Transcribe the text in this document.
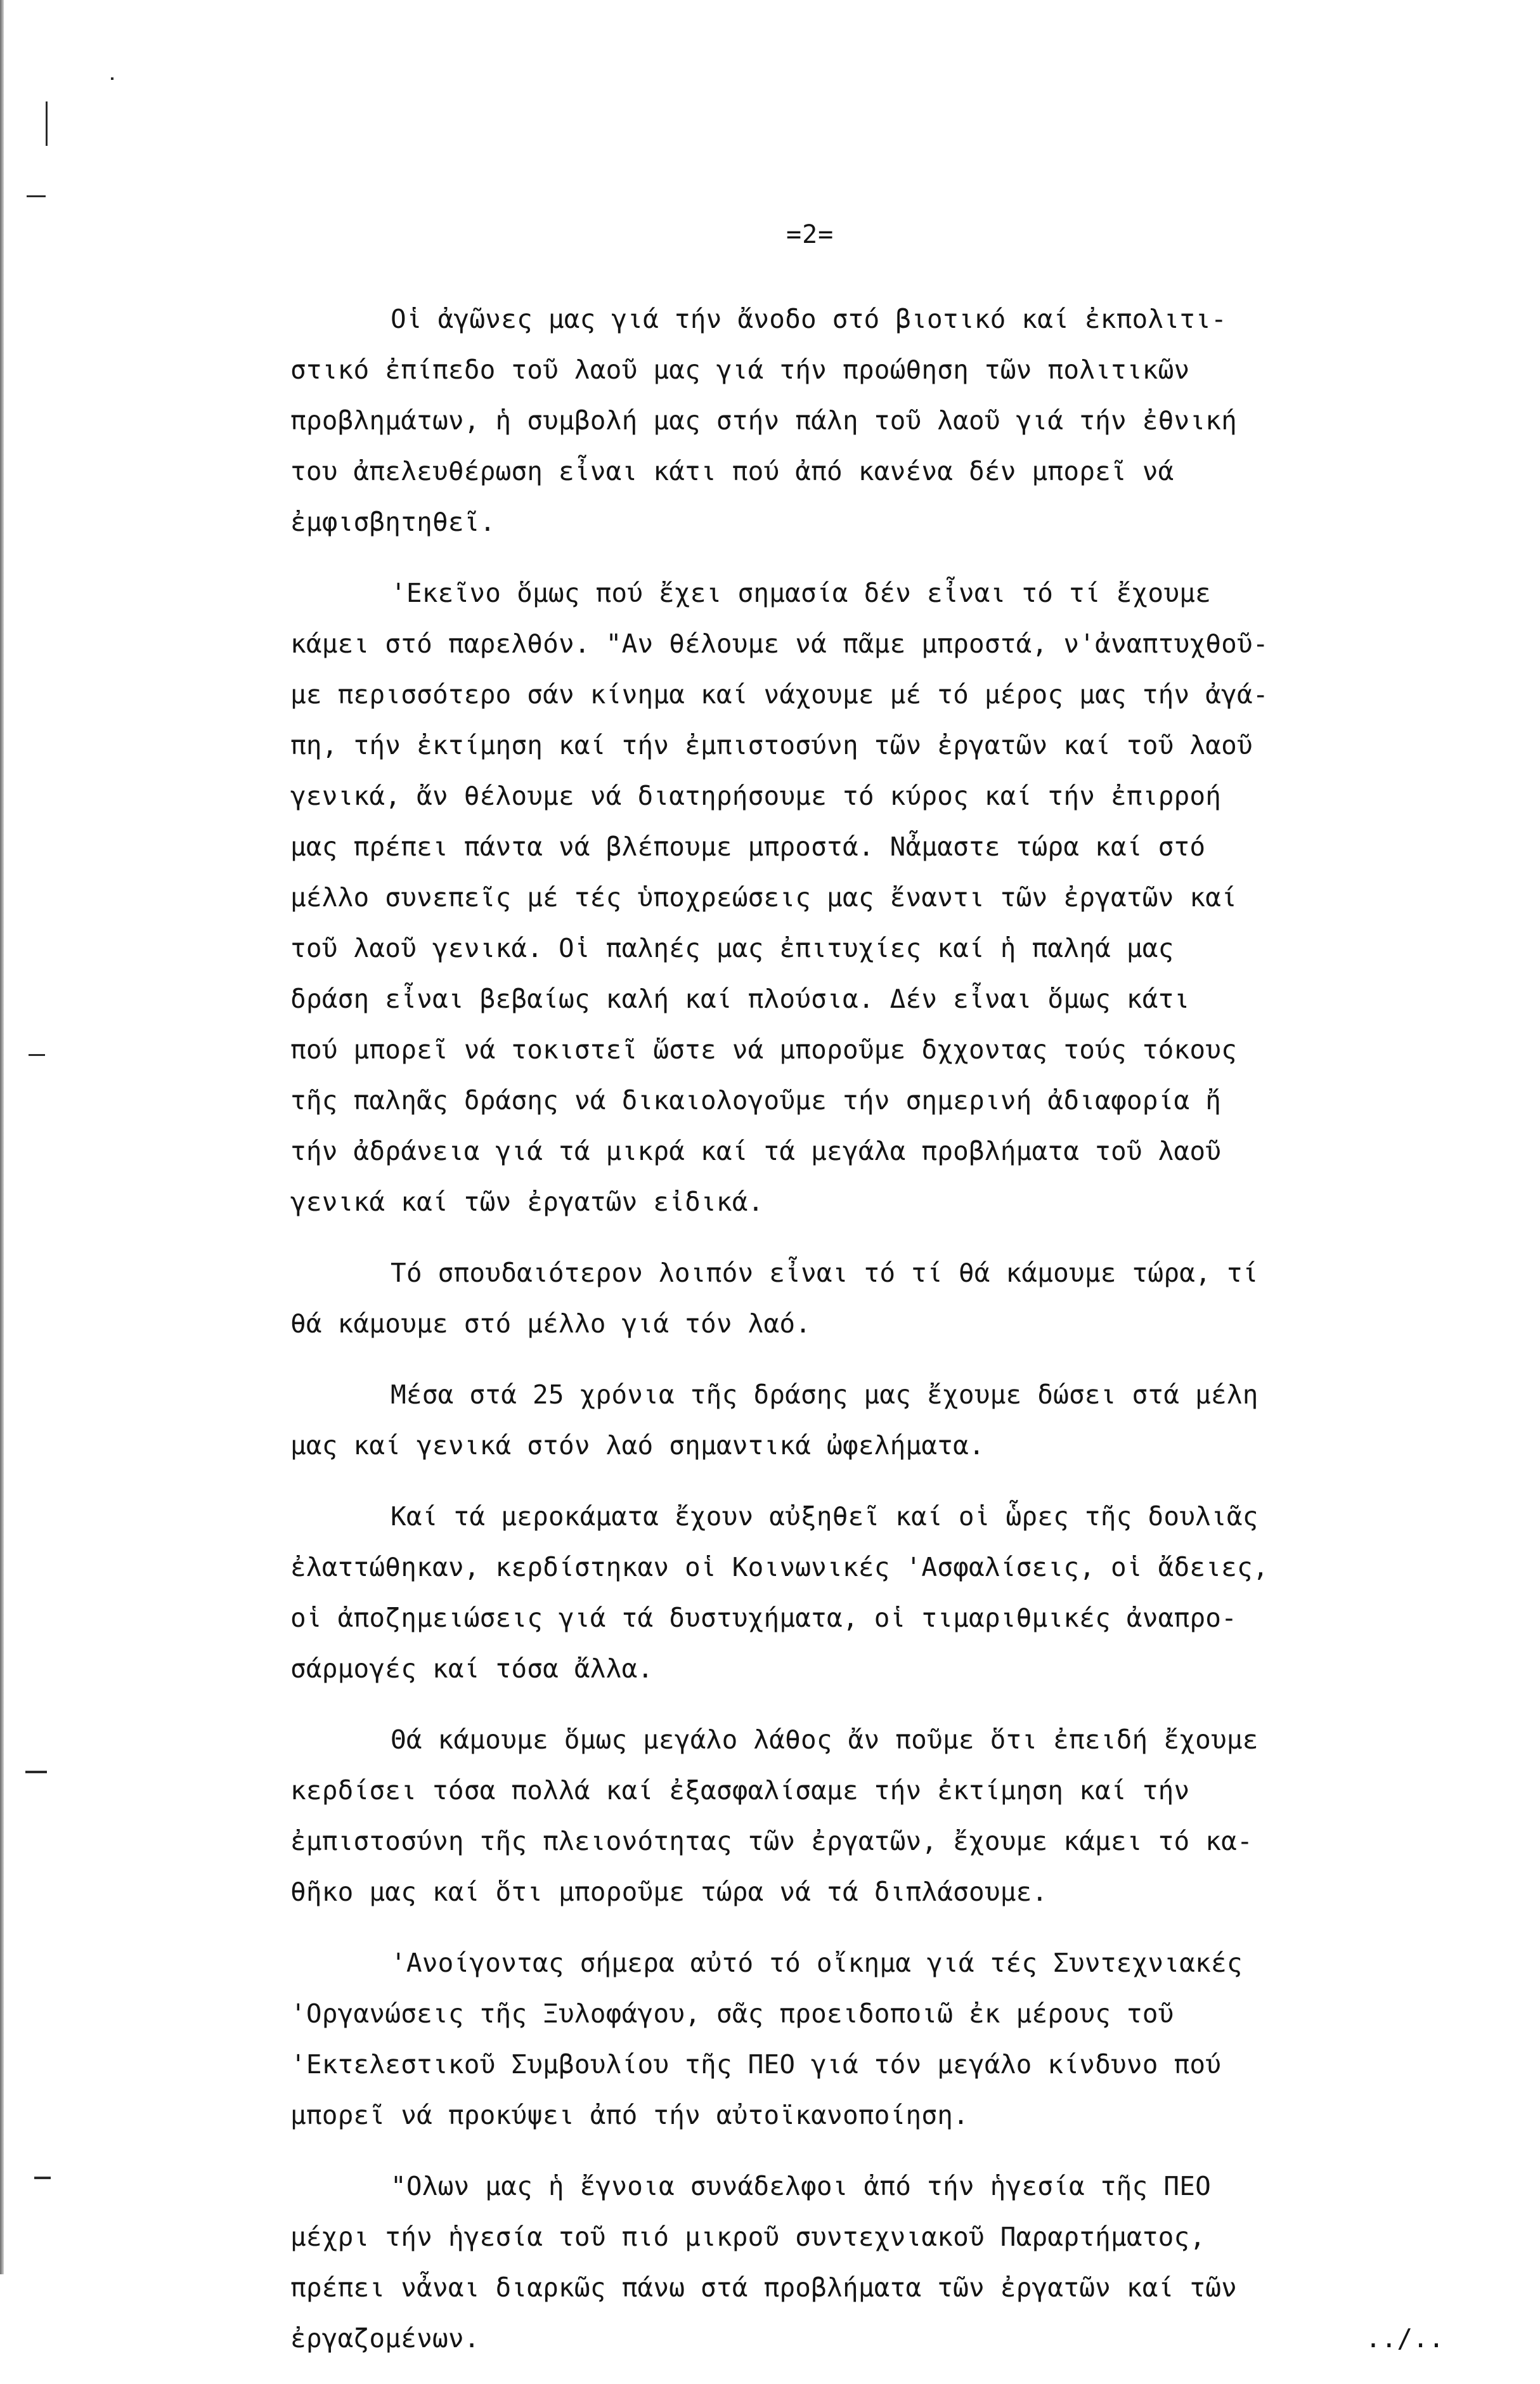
=2=
Οἱ ἀγῶνες μας γιά τήν ἄνοδο στό βιοτικό καί ἐκπολιτι-
στικό ἐπίπεδο τοῦ λαοῦ μας γιά τήν προώθηση τῶν πολιτικῶν
προβλημάτων, ἡ συμβολή μας στήν πάλη τοῦ λαοῦ γιά τήν ἐθνική
του ἀπελευθέρωση εἶναι κάτι πού ἀπό κανένα δέν μπορεῖ νά
ἐμφισβητηθεῖ.
'Εκεῖνο ὅμως πού ἔχει σημασία δέν εἶναι τό τί ἔχουμε
κάμει στό παρελθόν. "Αν θέλουμε νά πᾶμε μπροστά, ν'ἀναπτυχθοῦ-
με περισσότερο σάν κίνημα καί νάχουμε μέ τό μέρος μας τήν ἀγά-
πη, τήν ἐκτίμηση καί τήν ἐμπιστοσύνη τῶν ἐργατῶν καί τοῦ λαοῦ
γενικά, ἄν θέλουμε νά διατηρήσουμε τό κύρος καί τήν ἐπιρροή
μας πρέπει πάντα νά βλέπουμε μπροστά. Νἆμαστε τώρα καί στό
μέλλο συνεπεῖς μέ τές ὑποχρεώσεις μας ἔναντι τῶν ἐργατῶν καί
τοῦ λαοῦ γενικά. Οἱ παληές μας ἐπιτυχίες καί ἡ παληά μας
δράση εἶναι βεβαίως καλή καί πλούσια. Δέν εἶναι ὅμως κάτι
πού μπορεῖ νά τοκιστεῖ ὥστε νά μποροῦμε δχχοντας τούς τόκους
τῆς παληᾶς δράσης νά δικαιολογοῦμε τήν σημερινή ἀδιαφορία ἤ
τήν ἀδράνεια γιά τά μικρά καί τά μεγάλα προβλήματα τοῦ λαοῦ
γενικά καί τῶν ἐργατῶν εἰδικά.
Τό σπουδαιότερον λοιπόν εἶναι τό τί θά κάμουμε τώρα, τί
θά κάμουμε στό μέλλο γιά τόν λαό.
Μέσα στά 25 χρόνια τῆς δράσης μας ἔχουμε δώσει στά μέλη
μας καί γενικά στόν λαό σημαντικά ὠφελήματα.
Καί τά μεροκάματα ἔχουν αὐξηθεῖ καί οἱ ὧρες τῆς δουλιᾶς
ἐλαττώθηκαν, κερδίστηκαν οἱ Κοινωνικές 'Ασφαλίσεις, οἱ ἄδειες,
οἱ ἀποζημειώσεις γιά τά δυστυχήματα, οἱ τιμαριθμικές ἀναπρο-
σάρμογές καί τόσα ἄλλα.
Θά κάμουμε ὅμως μεγάλο λάθος ἄν ποῦμε ὅτι ἐπειδή ἔχουμε
κερδίσει τόσα πολλά καί ἐξασφαλίσαμε τήν ἐκτίμηση καί τήν
ἐμπιστοσύνη τῆς πλειονότητας τῶν ἐργατῶν, ἔχουμε κάμει τό κα-
θῆκο μας καί ὅτι μποροῦμε τώρα νά τά διπλάσουμε.
'Ανοίγοντας σήμερα αὐτό τό οἴκημα γιά τές Συντεχνιακές
'Οργανώσεις τῆς Ξυλοφάγου, σᾶς προειδοποιῶ ἐκ μέρους τοῦ
'Εκτελεστικοῦ Συμβουλίου τῆς ΠΕΟ γιά τόν μεγάλο κίνδυνο πού
μπορεῖ νά προκύψει ἀπό τήν αὐτοϊκανοποίηση.
"Ολων μας ἡ ἔγνοια συνάδελφοι ἀπό τήν ἡγεσία τῆς ΠΕΟ
μέχρι τήν ἡγεσία τοῦ πιό μικροῦ συντεχνιακοῦ Παραρτήματος,
πρέπει νἆναι διαρκῶς πάνω στά προβλήματα τῶν ἐργατῶν καί τῶν
ἐργαζομένων.	../..
